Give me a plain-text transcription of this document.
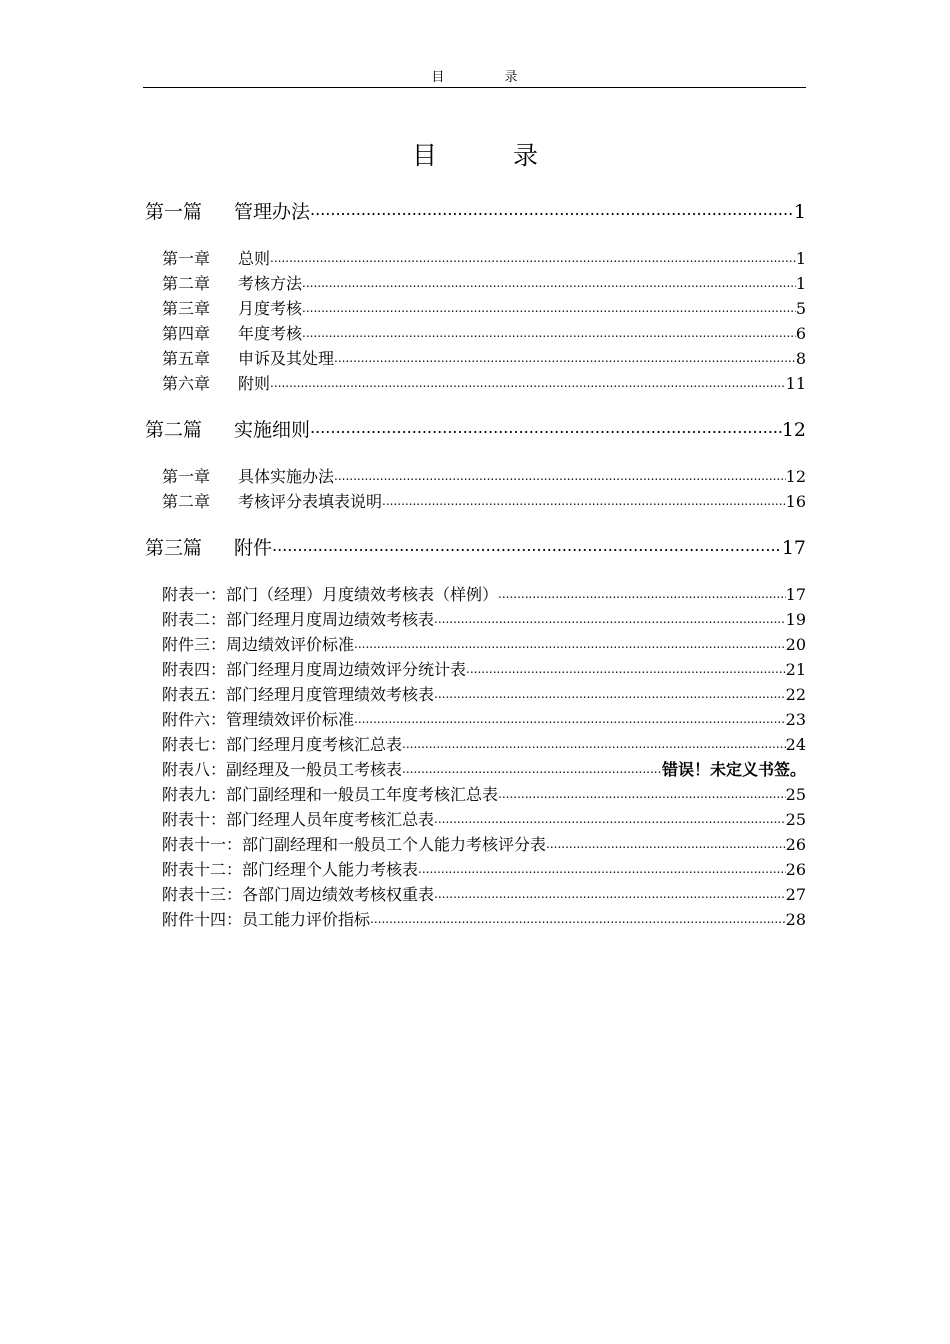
目 录
目 录
第一篇 管理办法 .....	1
第一章 总则 .....	1
第二章 考核方法 .....	1
第三章 月度考核 .....	5
第四章 年度考核 .....	6
第五章 申诉及其处理 .....	8
第六章 附则 .....	11
第二篇 实施细则 .....	12
第一章 具体实施办法 .....	12
第二章 考核评分表填表说明 .....	16
第三篇 附件 .....	17
附表一：部门（经理）月度绩效考核表（样例） .....	17
附表二：部门经理月度周边绩效考核表 .....	19
附件三：周边绩效评价标准 .....	20
附表四：部门经理月度周边绩效评分统计表 .....	21
附表五：部门经理月度管理绩效考核表 .....	22
附件六：管理绩效评价标准 .....	23
附表七：部门经理月度考核汇总表 .....	24
附表八：副经理及一般员工考核表 .....	错误！未定义书签。
附表九：部门副经理和一般员工年度考核汇总表 .....	25
附表十：部门经理人员年度考核汇总表 .....	25
附表十一：部门副经理和一般员工个人能力考核评分表 .....	26
附表十二：部门经理个人能力考核表 .....	26
附表十三：各部门周边绩效考核权重表 .....	27
附件十四：员工能力评价指标 .....	28
